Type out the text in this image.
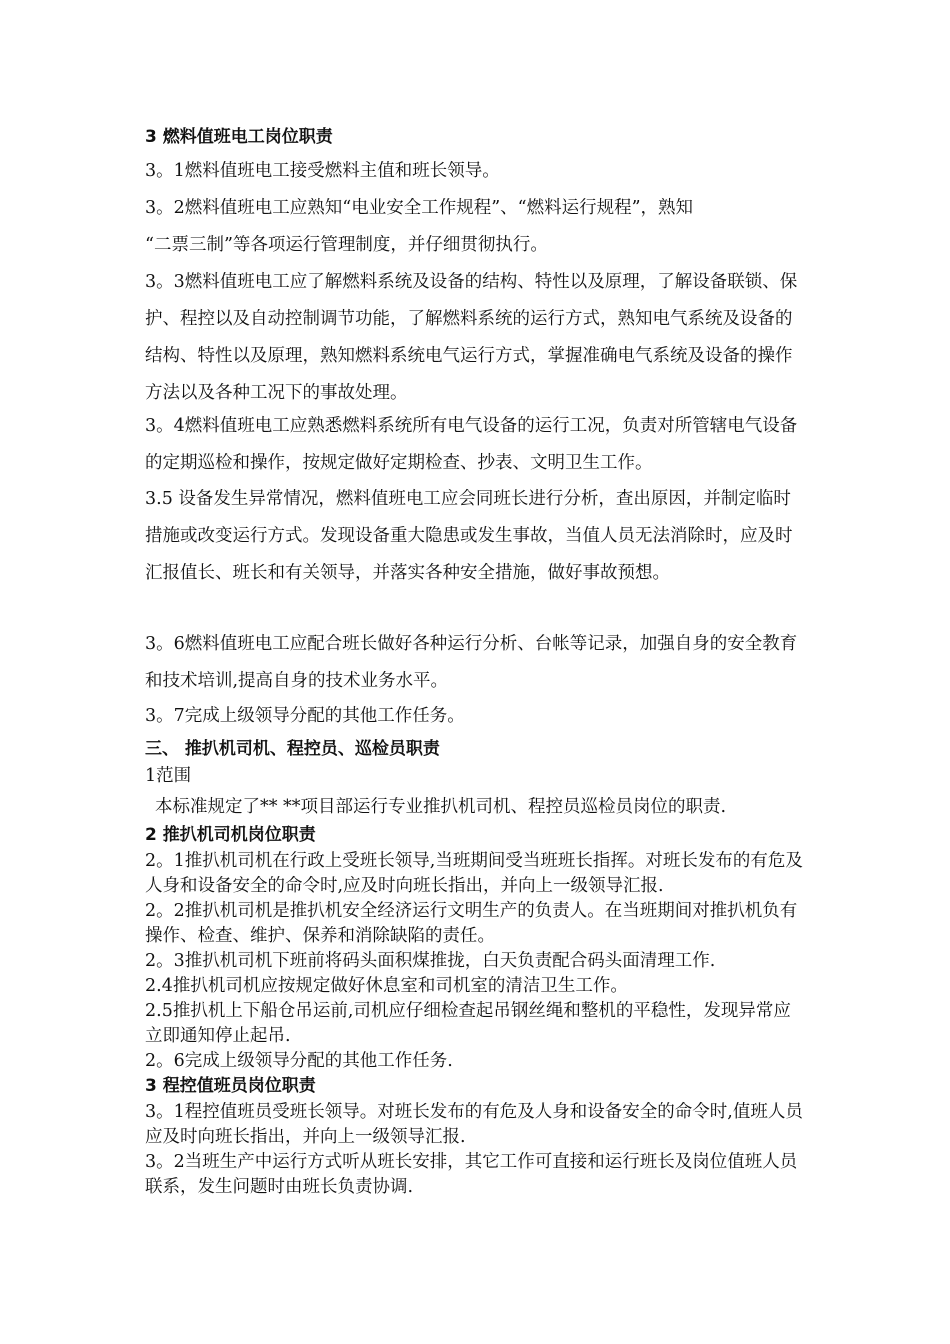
3 燃料值班电工岗位职责

3。1燃料值班电工接受燃料主值和班长领导。

3。2燃料值班电工应熟知“电业安全工作规程”、“燃料运行规程”，熟知

“二票三制”等各项运行管理制度，并仔细贯彻执行。

3。3燃料值班电工应了解燃料系统及设备的结构、特性以及原理，了解设备联锁、保护、程控以及自动控制调节功能，了解燃料系统的运行方式，熟知电气系统及设备的结构、特性以及原理，熟知燃料系统电气运行方式，掌握准确电气系统及设备的操作方法以及各种工况下的事故处理。

3。4燃料值班电工应熟悉燃料系统所有电气设备的运行工况，负责对所管辖电气设备的定期巡检和操作，按规定做好定期检查、抄表、文明卫生工作。

3.5 设备发生异常情况，燃料值班电工应会同班长进行分析，查出原因，并制定临时措施或改变运行方式。发现设备重大隐患或发生事故，当值人员无法消除时，应及时汇报值长、班长和有关领导，并落实各种安全措施，做好事故预想。

3。6燃料值班电工应配合班长做好各种运行分析、台帐等记录，加强自身的安全教育和技术培训,提高自身的技术业务水平。

3。7完成上级领导分配的其他工作任务。

三、 推扒机司机、程控员、巡检员职责

1范围

本标准规定了** **项目部运行专业推扒机司机、程控员巡检员岗位的职责.

2 推扒机司机岗位职责

2。1推扒机司机在行政上受班长领导,当班期间受当班班长指挥。对班长发布的有危及人身和设备安全的命令时,应及时向班长指出，并向上一级领导汇报.

2。2推扒机司机是推扒机安全经济运行文明生产的负责人。在当班期间对推扒机负有操作、检查、维护、保养和消除缺陷的责任。

2。3推扒机司机下班前将码头面积煤推拢，白天负责配合码头面清理工作.

2.4推扒机司机应按规定做好休息室和司机室的清洁卫生工作。

2.5推扒机上下船仓吊运前,司机应仔细检查起吊钢丝绳和整机的平稳性，发现异常应立即通知停止起吊.

2。6完成上级领导分配的其他工作任务.

3 程控值班员岗位职责

3。1程控值班员受班长领导。对班长发布的有危及人身和设备安全的命令时,值班人员应及时向班长指出，并向上一级领导汇报.

3。2当班生产中运行方式听从班长安排，其它工作可直接和运行班长及岗位值班人员联系，发生问题时由班长负责协调.
